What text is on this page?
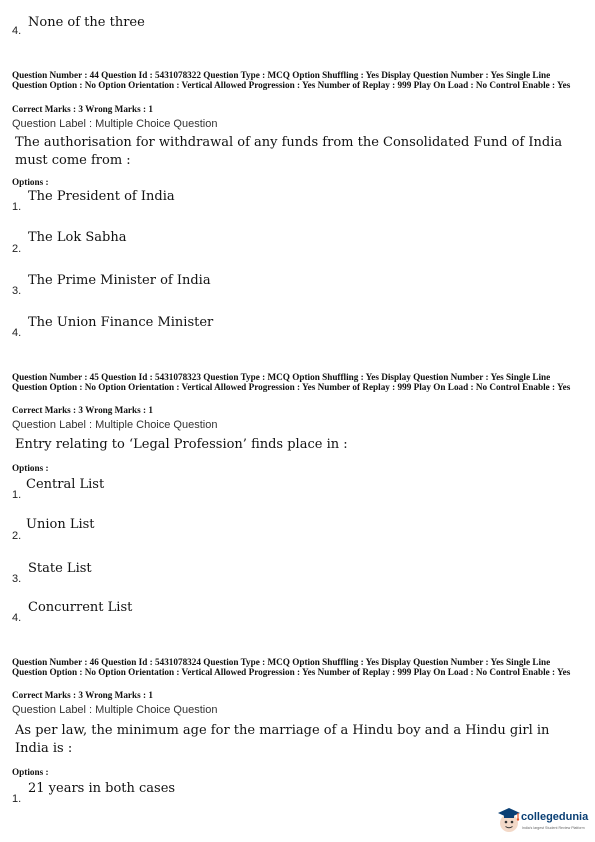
4.
None of the three
Question Number : 44 Question Id : 5431078322 Question Type : MCQ Option Shuffling : Yes Display Question Number : Yes Single Line Question Option : No Option Orientation : Vertical Allowed Progression : Yes Number of Replay : 999 Play On Load : No Control Enable : Yes
Correct Marks : 3 Wrong Marks : 1
Question Label : Multiple Choice Question
The authorisation for withdrawal of any funds from the Consolidated Fund of India must come from :
Options :
1.
The President of India
2.
The Lok Sabha
3.
The Prime Minister of India
4.
The Union Finance Minister
Question Number : 45 Question Id : 5431078323 Question Type : MCQ Option Shuffling : Yes Display Question Number : Yes Single Line Question Option : No Option Orientation : Vertical Allowed Progression : Yes Number of Replay : 999 Play On Load : No Control Enable : Yes
Correct Marks : 3 Wrong Marks : 1
Question Label : Multiple Choice Question
Entry relating to ‘Legal Profession’ finds place in :
Options :
1.
Central List
2.
Union List
3.
State List
4.
Concurrent List
Question Number : 46 Question Id : 5431078324 Question Type : MCQ Option Shuffling : Yes Display Question Number : Yes Single Line Question Option : No Option Orientation : Vertical Allowed Progression : Yes Number of Replay : 999 Play On Load : No Control Enable : Yes
Correct Marks : 3 Wrong Marks : 1
Question Label : Multiple Choice Question
As per law, the minimum age for the marriage of a Hindu boy and a Hindu girl in India is :
Options :
1.
21 years in both cases
collegedunia
India's largest Student Review Platform
